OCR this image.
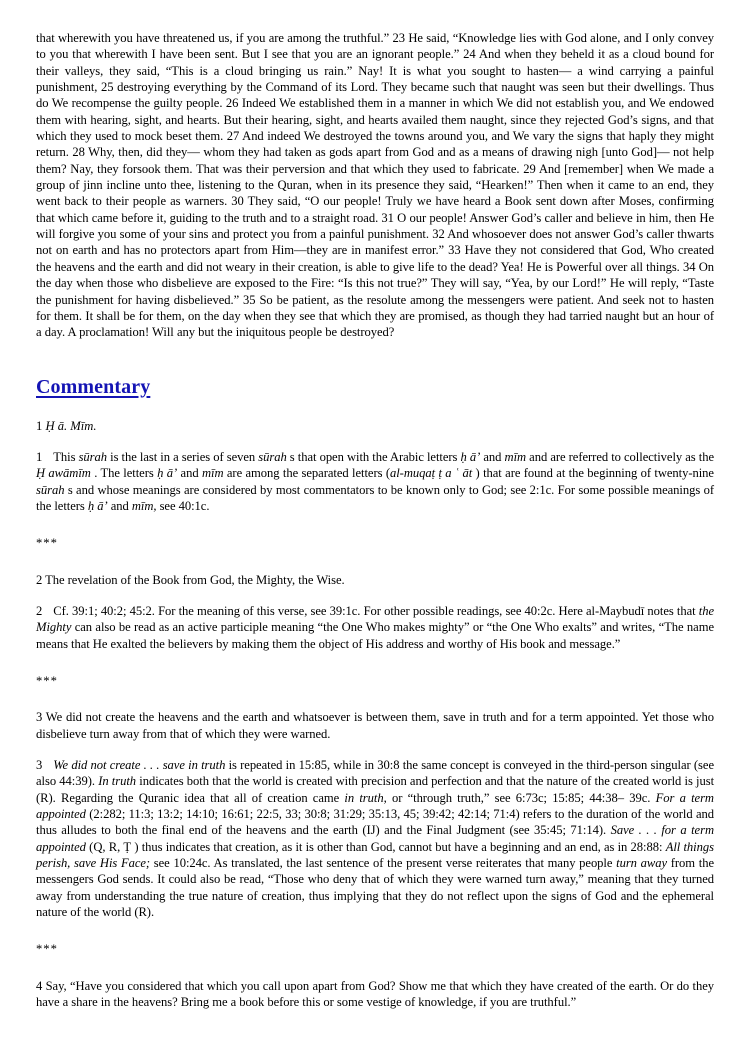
that wherewith you have threatened us, if you are among the truthful.” 23 He said, “Knowledge lies with God alone, and I only convey to you that wherewith I have been sent. But I see that you are an ignorant people.” 24 And when they beheld it as a cloud bound for their valleys, they said, “This is a cloud bringing us rain.” Nay! It is what you sought to hasten— a wind carrying a painful punishment, 25 destroying everything by the Command of its Lord. They became such that naught was seen but their dwellings. Thus do We recompense the guilty people. 26 Indeed We established them in a manner in which We did not establish you, and We endowed them with hearing, sight, and hearts. But their hearing, sight, and hearts availed them naught, since they rejected God’s signs, and that which they used to mock beset them. 27 And indeed We destroyed the towns around you, and We vary the signs that haply they might return. 28 Why, then, did they— whom they had taken as gods apart from God and as a means of drawing nigh [unto God]— not help them? Nay, they forsook them. That was their perversion and that which they used to fabricate. 29 And [remember] when We made a group of jinn incline unto thee, listening to the Quran, when in its presence they said, “Hearken!” Then when it came to an end, they went back to their people as warners. 30 They said, “O our people! Truly we have heard a Book sent down after Moses, confirming that which came before it, guiding to the truth and to a straight road. 31 O our people! Answer God’s caller and believe in him, then He will forgive you some of your sins and protect you from a painful punishment. 32 And whosoever does not answer God’s caller thwarts not on earth and has no protectors apart from Him—they are in manifest error.” 33 Have they not considered that God, Who created the heavens and the earth and did not weary in their creation, is able to give life to the dead? Yea! He is Powerful over all things. 34 On the day when those who disbelieve are exposed to the Fire: “Is this not true?” They will say, “Yea, by our Lord!” He will reply, “Taste the punishment for having disbelieved.” 35 So be patient, as the resolute among the messengers were patient. And seek not to hasten for them. It shall be for them, on the day when they see that which they are promised, as though they had tarried naught but an hour of a day. A proclamation! Will any but the iniquitous people be destroyed?

Commentary

1 Ḥ ā. Mīm.

1 This sūrah is the last in a series of seven sūrah s that open with the Arabic letters ḥ ā’ and mīm and are referred to collectively as the Ḥ awāmīm . The letters ḥ ā’ and mīm are among the separated letters (al-muqaṭ ṭ a ʿ āt ) that are found at the beginning of twenty-nine sūrah s and whose meanings are considered by most commentators to be known only to God; see 2:1c. For some possible meanings of the letters ḥ ā’ and mīm, see 40:1c.

***

2 The revelation of the Book from God, the Mighty, the Wise.

2 Cf. 39:1; 40:2; 45:2. For the meaning of this verse, see 39:1c. For other possible readings, see 40:2c. Here al-Maybudī notes that the Mighty can also be read as an active participle meaning “the One Who makes mighty” or “the One Who exalts” and writes, “The name means that He exalted the believers by making them the object of His address and worthy of His book and message.”

***

3 We did not create the heavens and the earth and whatsoever is between them, save in truth and for a term appointed. Yet those who disbelieve turn away from that of which they were warned.

3 We did not create . . . save in truth is repeated in 15:85, while in 30:8 the same concept is conveyed in the third-person singular (see also 44:39). In truth indicates both that the world is created with precision and perfection and that the nature of the created world is just (R). Regarding the Quranic idea that all of creation came in truth, or “through truth,” see 6:73c; 15:85; 44:38– 39c. For a term appointed (2:282; 11:3; 13:2; 14:10; 16:61; 22:5, 33; 30:8; 31:29; 35:13, 45; 39:42; 42:14; 71:4) refers to the duration of the world and thus alludes to both the final end of the heavens and the earth (IJ) and the Final Judgment (see 35:45; 71:14). Save . . . for a term appointed (Q, R, Ṭ ) thus indicates that creation, as it is other than God, cannot but have a beginning and an end, as in 28:88: All things perish, save His Face; see 10:24c. As translated, the last sentence of the present verse reiterates that many people turn away from the messengers God sends. It could also be read, “Those who deny that of which they were warned turn away,” meaning that they turned away from understanding the true nature of creation, thus implying that they do not reflect upon the signs of God and the ephemeral nature of the world (R).

***

4 Say, “Have you considered that which you call upon apart from God? Show me that which they have created of the earth. Or do they have a share in the heavens? Bring me a book before this or some vestige of knowledge, if you are truthful.”
